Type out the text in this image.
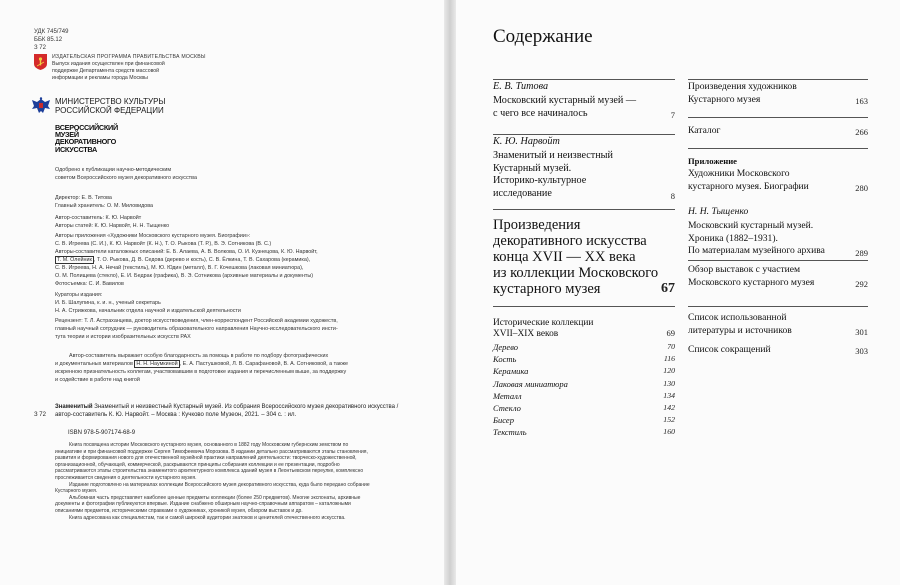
УДК 745/749
ББК 85.12
З 72
ИЗДАТЕЛЬСКАЯ ПРОГРАММА ПРАВИТЕЛЬСТВА МОСКВЫ
Выпуск издания осуществлен при финансовой
поддержке Департамента средств массовой
информации и рекламы города Москвы
МИНИСТЕРСТВО КУЛЬТУРЫ
РОССИЙСКОЙ ФЕДЕРАЦИИ
ВСЕРОССИЙСКИЙ
МУЗЕЙ
ДЕКОРАТИВНОГО
ИСКУССТВА
Одобрено к публикации научно-методическим
советом Всероссийского музея декоративного искусства
Директор: Е. В. Титова
Главный хранитель: О. М. Миловидова
Автор-составитель: К. Ю. Нарвойт
Авторы статей: К. Ю. Нарвойт, Н. Н. Тыщенко
Авторы приложения «Художники Московского кустарного музея. Биографии»:
С. В. Игреева (С. И.), К. Ю. Нарвойт (К. Н.), Т. О. Рыкова (Т. Р.), В. Э. Сотникова (В. С.)
Авторы-составители каталожных описаний: Е. Б. Алаева, А. В. Волкова, О. И. Кузнецова, К. Ю. Нарвойт,
Т. М. Олейник , Т. О. Рыкова, Д. В. Седова (дерево и кость), С. В. Ёлкина, Т. В. Сахарова (керамика),
С. В. Игреева, Н. А. Нечай (текстиль), М. Ю. Юдин (металл), В. Г. Кочешкова (лаковая миниатюра),
О. М. Полищева (стекло), Е. И. Бедрак (графика), В. Э. Сотникова (архивные материалы и документы)
Фотосъемка: С. И. Вавилов
Кураторы издания:
И. Б. Шалупина, к. и. н., ученый секретарь
Н. А. Стрижкова, начальник отдела научной и издательской деятельности
Рецензент: Т. Л. Астраханцева, доктор искусствоведения, член-корреспондент Российской академии художеств,
главный научный сотрудник — руководитель образовательного направления Научно-исследовательского инсти-
тута теории и истории изобразительных искусств РАХ
Автор-составитель выражает особую благодарность за помощь в работе по подбору фотографических
и документальных материалов Н. Н. Наумкиной , Е. А. Пастушковой, Л. В. Сарафановой, В. А. Сотниковой, а также
искренною признательность коллегам, участвовавшим в подготовке издания и перечисленным выше, за поддержку
и содействие в работе над книгой
З 72
Знаменитый Знаменитый и неизвестный Кустарный музей. Из собрания Всероссийского музея декоративного искусства /
автор-составитель К. Ю. Нарвойт. – Москва : Кучково поле Музеон, 2021. – 304 с. : ил.
ISBN 978-5-907174-68-9
Книга посвящена истории Московского кустарного музея, основанного в 1882 году Московским губернским земством по инициативе и при финансовой поддержке Сергея Тимофеевича Морозова. В издании детально рассматриваются этапы становления, развития и формирования нового для отечественной музейной практики направлений деятельности: творческо-художественной, организационной, обучающей, коммерческой, раскрываются принципы собирания коллекции и ее презентации, подробно рассматриваются этапы строительства знаменитого архитектурного комплекса зданий музея в Леонтьевском переулке, комплексно прослеживается сведения о деятельности кустарного музея.
Издание подготовлено на материалах коллекции Всероссийского музея декоративного искусства, куда было передано собрание Кустарного музея.
Альбомная часть представляет наиболее ценные предметы коллекции (более 250 предметов). Многие экспонаты, архивные документы и фотографии публикуются впервые. Издание снабжено обширным научно-справочным аппаратом – каталожными описаниями предметов, историческими справками о художниках, хроникой музея, обзором выставок и др.
Книга адресована как специалистам, так и самой широкой аудитории знатоков и ценителей отечественного искусства.
Содержание
Е. В. Титова
Московский кустарный музей —
с чего все начиналось	7
К. Ю. Нарвойт
Знаменитый и неизвестный
Кустарный музей.
Историко-культурное
исследование	8
Произведения
декоративного искусства
конца XVII — XX века
из коллекции Московского
кустарного музея	67
Исторические коллекции
XVII–XIX веков	69
Дерево	70
Кость	116
Керамика	120
Лаковая миниатюра	130
Металл	134
Стекло	142
Бисер	152
Текстиль	160
Произведения художников
Кустарного музея	163
Каталог	266
Приложение
Художники Московского
кустарного музея. Биографии	280
Н. Н. Тыщенко
Московский кустарный музей.
Хроника (1882–1931).
По материалам музейного архива	289
Обзор выставок с участием
Московского кустарного музея	292
Список использованной
литературы и источников	301
Список сокращений	303
